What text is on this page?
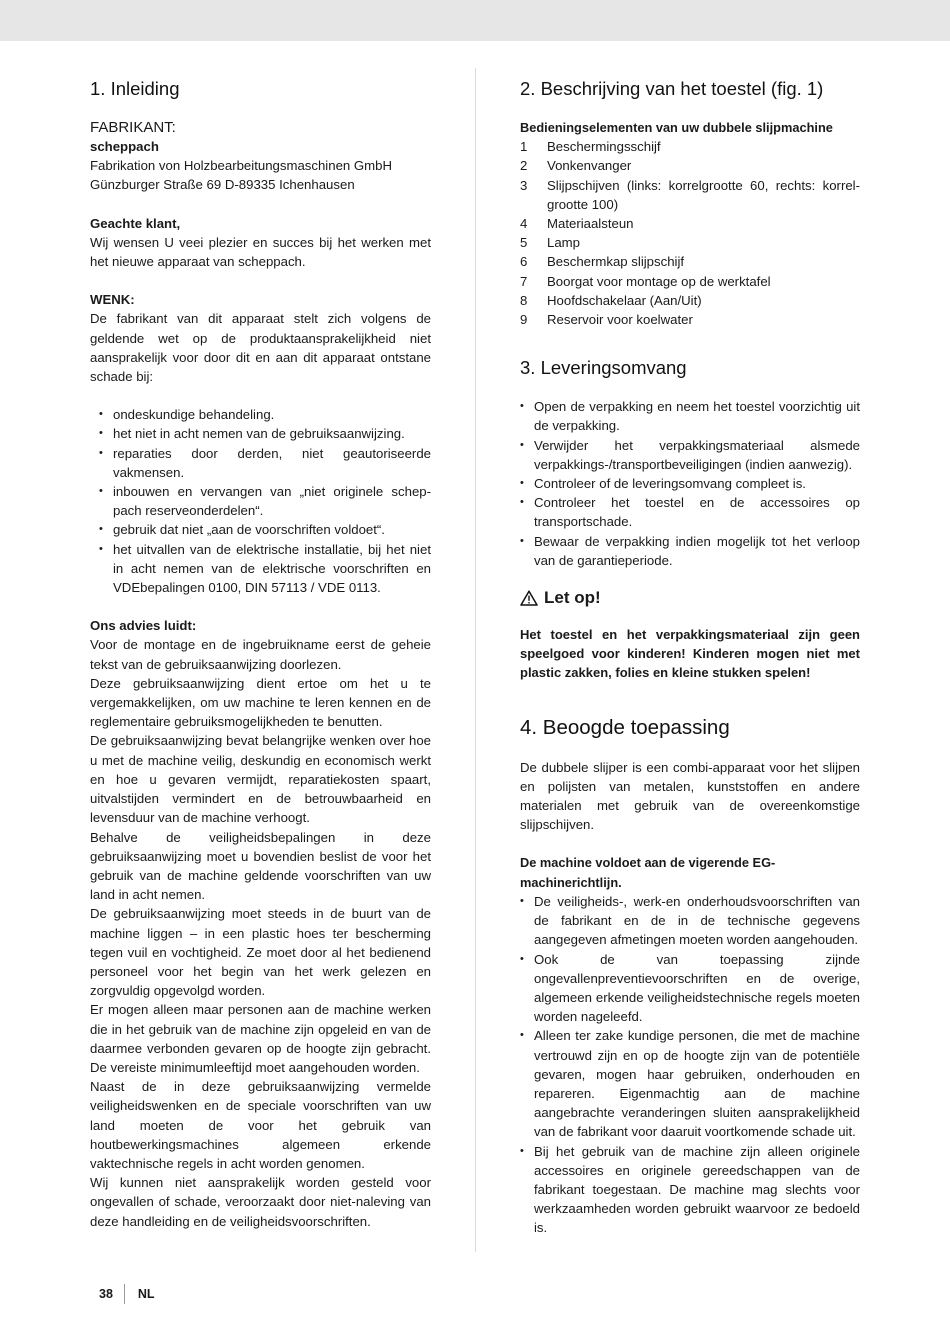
1. Inleiding
FABRIKANT:
scheppach
Fabrikation von Holzbearbeitungsmaschinen GmbH
Günzburger Straße 69 D-89335 Ichenhausen
Geachte klant,
Wij wensen U veei plezier en succes bij het werken met het nieuwe apparaat van scheppach.
WENK:
De fabrikant van dit apparaat stelt zich volgens de geldende wet op de produktaansprakelijkheid niet aansprakelijk voor door dit en aan dit apparaat ontstane schade bij:
• ondeskundige behandeling.
• het niet in acht nemen van de gebruiksaanwijzing.
• reparaties door derden, niet geautoriseerde vakmensen.
• inbouwen en vervangen van „niet originele schep-pach reserveonderdelen“.
• gebruik dat niet „aan de voorschriften voldoet“.
• het uitvallen van de elektrische installatie, bij het niet in acht nemen van de elektrische voorschriften en VDEbepalingen 0100, DIN 57113 / VDE 0113.
Ons advies luidt:
Voor de montage en de ingebruikname eerst de geheie tekst van de gebruiksaanwijzing doorlezen.
Deze gebruiksaanwijzing dient ertoe om het u te vergemakkelijken, om uw machine te leren kennen en de reglementaire gebruiksmogelijkheden te benutten.
De gebruiksaanwijzing bevat belangrijke wenken over hoe u met de machine veilig, deskundig en economisch werkt en hoe u gevaren vermijdt, reparatiekosten spaart, uitvalstijden vermindert en de betrouwbaarheid en levensduur van de machine verhoogt.
Behalve de veiligheidsbepalingen in deze gebruiksaanwijzing moet u bovendien beslist de voor het gebruik van de machine geldende voorschriften van uw land in acht nemen.
De gebruiksaanwijzing moet steeds in de buurt van de machine liggen – in een plastic hoes ter bescherming tegen vuil en vochtigheid. Ze moet door al het bedienend personeel voor het begin van het werk gelezen en zorgvuldig opgevolgd worden.
Er mogen alleen maar personen aan de machine werken die in het gebruik van de machine zijn opgeleid en van de daarmee verbonden gevaren op de hoogte zijn gebracht. De vereiste minimumleeftijd moet aangehouden worden.
Naast de in deze gebruiksaanwijzing vermelde veiligheidswenken en de speciale voorschriften van uw land moeten de voor het gebruik van houtbewerkingsmachines algemeen erkende vaktechnische regels in acht worden genomen.
Wij kunnen niet aansprakelijk worden gesteld voor ongevallen of schade, veroorzaakt door niet-naleving van deze handleiding en de veiligheidsvoorschriften.
2. Beschrijving van het toestel (fig. 1)
Bedieningselementen van uw dubbele slijpmachine
1 Beschermingsschijf
2 Vonkenvanger
3 Slijpschijven (links: korrelgrootte 60, rechts: korrel-grootte 100)
4 Materiaalsteun
5 Lamp
6 Beschermkap slijpschijf
7 Boorgat voor montage op de werktafel
8 Hoofdschakelaar (Aan/Uit)
9 Reservoir voor koelwater
3. Leveringsomvang
• Open de verpakking en neem het toestel voorzichtig uit de verpakking.
• Verwijder het verpakkingsmateriaal alsmede verpakkings-/transportbeveiligingen (indien aanwezig).
• Controleer of de leveringsomvang compleet is.
• Controleer het toestel en de accessoires op transportschade.
• Bewaar de verpakking indien mogelijk tot het verloop van de garantieperiode.
Let op!
Het toestel en het verpakkingsmateriaal zijn geen speelgoed voor kinderen! Kinderen mogen niet met plastic zakken, folies en kleine stukken spelen!
4. Beoogde toepassing
De dubbele slijper is een combi-apparaat voor het slijpen en polijsten van metalen, kunststoffen en andere materialen met gebruik van de overeenkomstige slijpschijven.
De machine voldoet aan de vigerende EG-machinerichtlijn.
• De veiligheids-, werk-en onderhoudsvoorschriften van de fabrikant en de in de technische gegevens aangegeven afmetingen moeten worden aangehouden.
• Ook de van toepassing zijnde ongevallenpreventievoorschriften en de overige, algemeen erkende veiligheidstechnische regels moeten worden nageleefd.
• Alleen ter zake kundige personen, die met de machine vertrouwd zijn en op de hoogte zijn van de potentiële gevaren, mogen haar gebruiken, onderhouden en repareren. Eigenmachtig aan de machine aangebrachte veranderingen sluiten aansprakelijkheid van de fabrikant voor daaruit voortkomende schade uit.
• Bij het gebruik van de machine zijn alleen originele accessoires en originele gereedschappen van de fabrikant toegestaan. De machine mag slechts voor werkzaamheden worden gebruikt waarvoor ze bedoeld is.
38 NL
